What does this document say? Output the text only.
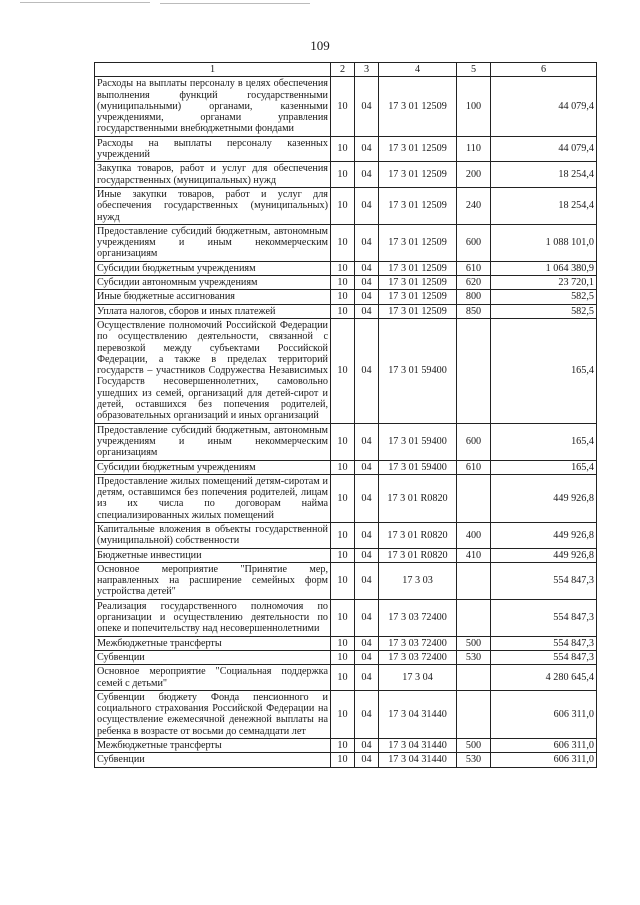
109
1	2	3	4	5	6
Расходы на выплаты персоналу в целях обеспечения выполнения функций государственными (муниципальными) органами, казенными учреждениями, органами управления государственными внебюджетными фондами	10	04	17 3 01 12509	100	44 079,4
Расходы на выплаты персоналу казенных учреждений	10	04	17 3 01 12509	110	44 079,4
Закупка товаров, работ и услуг для обеспечения государственных (муниципальных) нужд	10	04	17 3 01 12509	200	18 254,4
Иные закупки товаров, работ и услуг для обеспечения государственных (муниципальных) нужд	10	04	17 3 01 12509	240	18 254,4
Предоставление субсидий бюджетным, автономным учреждениям и иным некоммерческим организациям	10	04	17 3 01 12509	600	1 088 101,0
Субсидии бюджетным учреждениям	10	04	17 3 01 12509	610	1 064 380,9
Субсидии автономным учреждениям	10	04	17 3 01 12509	620	23 720,1
Иные бюджетные ассигнования	10	04	17 3 01 12509	800	582,5
Уплата налогов, сборов и иных платежей	10	04	17 3 01 12509	850	582,5
Осуществление полномочий Российской Федерации по осуществлению деятельности, связанной с перевозкой между субъектами Российской Федерации, а также в пределах территорий государств – участников Содружества Независимых Государств несовершеннолетних, самовольно ушедших из семей, организаций для детей-сирот и детей, оставшихся без попечения родителей, образовательных организаций и иных организаций	10	04	17 3 01 59400		165,4
Предоставление субсидий бюджетным, автономным учреждениям и иным некоммерческим организациям	10	04	17 3 01 59400	600	165,4
Субсидии бюджетным учреждениям	10	04	17 3 01 59400	610	165,4
Предоставление жилых помещений детям-сиротам и детям, оставшимся без попечения родителей, лицам из их числа по договорам найма специализированных жилых помещений	10	04	17 3 01 R0820		449 926,8
Капитальные вложения в объекты государственной (муниципальной) собственности	10	04	17 3 01 R0820	400	449 926,8
Бюджетные инвестиции	10	04	17 3 01 R0820	410	449 926,8
Основное мероприятие "Принятие мер, направленных на расширение семейных форм устройства детей"	10	04	17 3 03		554 847,3
Реализация государственного полномочия по организации и осуществлению деятельности по опеке и попечительству над несовершеннолетними	10	04	17 3 03 72400		554 847,3
Межбюджетные трансферты	10	04	17 3 03 72400	500	554 847,3
Субвенции	10	04	17 3 03 72400	530	554 847,3
Основное мероприятие "Социальная поддержка семей с детьми"	10	04	17 3 04		4 280 645,4
Субвенции бюджету Фонда пенсионного и социального страхования Российской Федерации на осуществление ежемесячной денежной выплаты на ребенка в возрасте от восьми до семнадцати лет	10	04	17 3 04 31440		606 311,0
Межбюджетные трансферты	10	04	17 3 04 31440	500	606 311,0
Субвенции	10	04	17 3 04 31440	530	606 311,0
